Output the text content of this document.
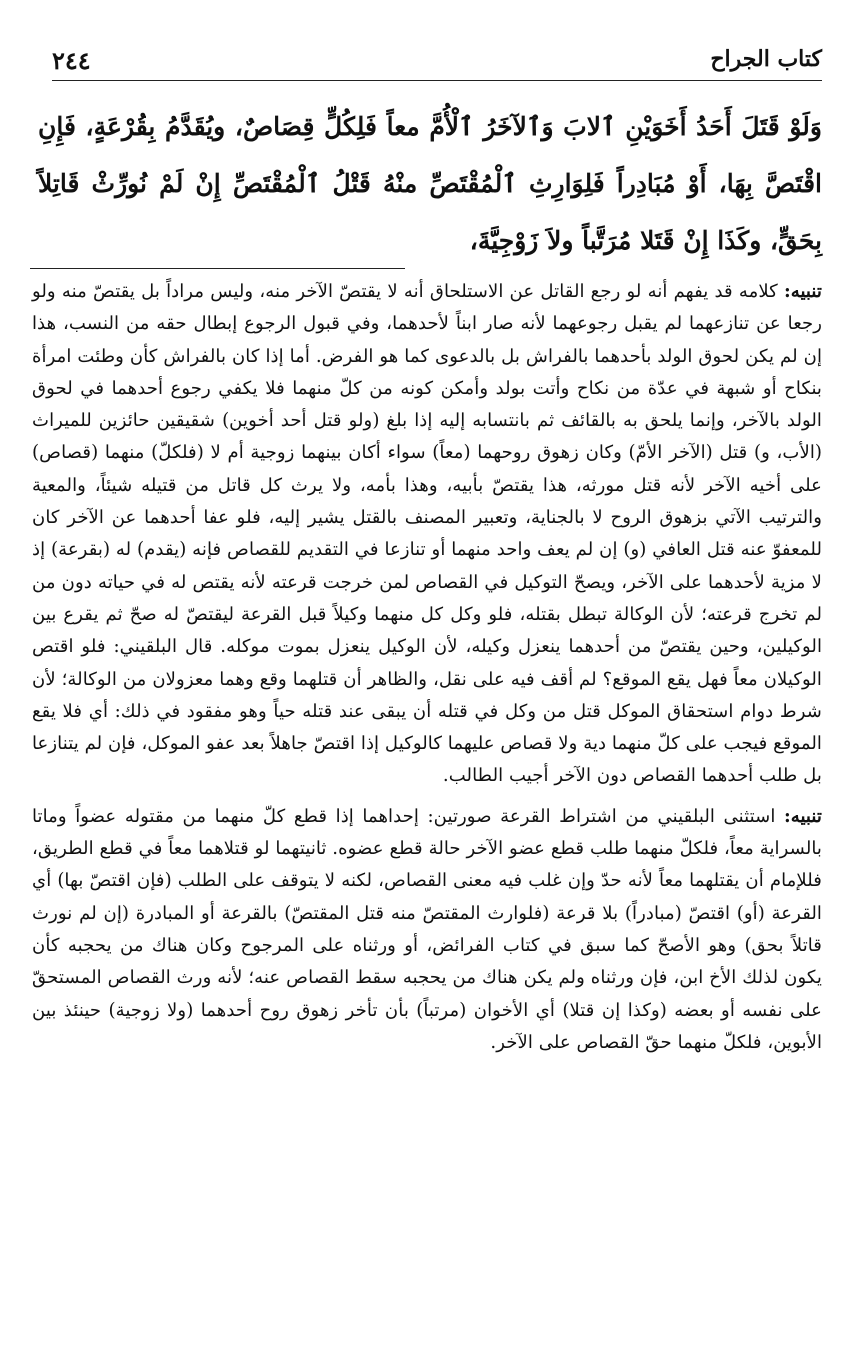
كتاب الجراح
٢٤٤
وَلَوْ قَتَلَ أَحَدُ أَخَوَيْنِ ٱلابَ وَٱلآخَرُ ٱلْأُمَّ معاً فَلِكُلٍّ قِصَاصٌ، ويُقَدَّمُ بِقُرْعَةٍ، فَإِنِ اقْتَصَّ بِهَا، أَوْ مُبَادِراً فَلِوَارِثِ ٱلْمُقْتَصِّ منْهُ قَتْلُ ٱلْمُقْتَصِّ إِنْ لَمْ نُورِّثْ قَاتِلاً بِحَقٍّ، وكَذَا إِنْ قَتَلا مُرَتَّباً ولاَ زَوْجِيَّةَ،

تنبيه: كلامه قد يفهم أنه لو رجع القاتل عن الاستلحاق أنه لا يقتصّ الآخر منه، وليس مراداً بل يقتصّ منه ولو رجعا عن تنازعهما لم يقبل رجوعهما لأنه صار ابناً لأحدهما، وفي قبول الرجوع إبطال حقه من النسب، هذا إن لم يكن لحوق الولد بأحدهما بالفراش بل بالدعوى كما هو الفرض. أما إذا كان بالفراش كأن وطئت امرأة بنكاح أو شبهة في عدّة من نكاح وأتت بولد وأمكن كونه من كلّ منهما فلا يكفي رجوع أحدهما في لحوق الولد بالآخر، وإنما يلحق به بالقائف ثم بانتسابه إليه إذا بلغ (ولو قتل أحد أخوين) شقيقين حائزين للميراث (الأب، و) قتل (الآخر الأمّ) وكان زهوق روحهما (معاً) سواء أكان بينهما زوجية أم لا (فلكلّ) منهما (قصاص) على أخيه الآخر لأنه قتل مورثه، هذا يقتصّ بأبيه، وهذا بأمه، ولا يرث كل قاتل من قتيله شيئاً، والمعية والترتيب الآتي بزهوق الروح لا بالجناية، وتعبير المصنف بالقتل يشير إليه، فلو عفا أحدهما عن الآخر كان للمعفوّ عنه قتل العافي (و) إن لم يعف واحد منهما أو تنازعا في التقديم للقصاص فإنه (يقدم) له (بقرعة) إذ لا مزية لأحدهما على الآخر، ويصحّ التوكيل في القصاص لمن خرجت قرعته لأنه يقتص له في حياته دون من لم تخرج قرعته؛ لأن الوكالة تبطل بقتله، فلو وكل كل منهما وكيلاً قبل القرعة ليقتصّ له صحّ ثم يقرع بين الوكيلين، وحين يقتصّ من أحدهما ينعزل وكيله، لأن الوكيل ينعزل بموت موكله. قال البلقيني: فلو اقتص الوكيلان معاً فهل يقع الموقع؟ لم أقف فيه على نقل، والظاهر أن قتلهما وقع وهما معزولان من الوكالة؛ لأن شرط دوام استحقاق الموكل قتل من وكل في قتله أن يبقى عند قتله حياً وهو مفقود في ذلك: أي فلا يقع الموقع فيجب على كلّ منهما دية ولا قصاص عليهما كالوكيل إذا اقتصّ جاهلاً بعد عفو الموكل، فإن لم يتنازعا بل طلب أحدهما القصاص دون الآخر أجيب الطالب.

تنبيه: استثنى البلقيني من اشتراط القرعة صورتين: إحداهما إذا قطع كلّ منهما من مقتوله عضواً وماتا بالسراية معاً، فلكلّ منهما طلب قطع عضو الآخر حالة قطع عضوه. ثانيتهما لو قتلاهما معاً في قطع الطريق، فللإمام أن يقتلهما معاً لأنه حدّ وإن غلب فيه معنى القصاص، لكنه لا يتوقف على الطلب (فإن اقتصّ بها) أي القرعة (أو) اقتصّ (مبادراً) بلا قرعة (فلوارث المقتصّ منه قتل المقتصّ) بالقرعة أو المبادرة (إن لم نورث قاتلاً بحق) وهو الأصحّ كما سبق في كتاب الفرائض، أو ورثناه على المرجوح وكان هناك من يحجبه كأن يكون لذلك الأخ ابن، فإن ورثناه ولم يكن هناك من يحجبه سقط القصاص عنه؛ لأنه ورث القصاص المستحقّ على نفسه أو بعضه (وكذا إن قتلا) أي الأخوان (مرتباً) بأن تأخر زهوق روح أحدهما (ولا زوجية) حينئذ بين الأبوين، فلكلّ منهما حقّ القصاص على الآخر.
